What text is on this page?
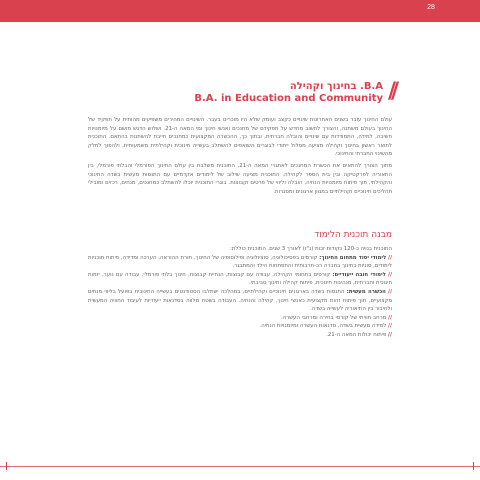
28
//
B.A. בחינוך וקהילה
B.A. in Education and Community
עולם החינוך עובר בשנים האחרונות שינויים כקצב ועומק שלא היו מוכרים בעבר. השינויים המהירים משפיעים מהותית על תפקיד של החינוך בעולם משתנה, והצורך לחשוב מחדש על תפקידם של מחנכים ואנשי חינוך ומי המאה ה-21. ושלוש הדגש מושם על מיומנויות חשיבה, למידה, התמודדות עם שינויים והובלה חברתית, ובתוך כך, ההכשרה המקצועית כמחנכים חייבת להשתנות בהתאם. התוכנית לתואר ראשון בחינוך וקהילה מציעה מסלול ייחודי לבוגרים השואפים להשתלב בעשייה חינוכית וקהילתית משמעותית, ולהפוך לחלק מהשינוי החברתי והחינוכי.
מתוך הצורך להתאים את הכשרת המחנכים לאתגרי המאה ה-21, התוכנית משלבת בין עולם החינוך הפורמלי והבלתי פורמלי, בין התאוריה לפרקטיקה ובין בית הספר לקהילה. התוכנית מציעה שילוב של לימודים אקדמיים עם התנסות מעשית בשדה החינוכי והקהילתי, תוך פיתוח מיומנויות הנחיה, הובלה וליווי של פרטים וקבוצות. בוגרי התוכנית יוכלו להשתלב כמחנכים, מנחים, רכזים ומובילי תהליכים חינוכיים וקהילתיים במגוון ארגונים ומסגרות.
מבנה תוכנית הלימוד
התוכנית בנויה כ-120 נקודות זכות (נ"ז) לאורך 3 שנים. התוכנית כוללת:
// לימודי יסוד מתחום החינוך: קורסים בפסיכולוגיה, סוציולוגיה ופילוסופיה של החינוך, תורת ההוראה, הערכה ומדידה, פיתוח תוכניות לימודים, סוגיות בחינוך בחברה רב-תרבותית והתפתחות הילד והמתבגר.
// לימודי חובה ייעודיים: קורסים בתחומי הקהילה, עבודה עם קבוצות, הנחיית קבוצות, חינוך בלתי פורמלי, עבודה עם נוער, יזמות חינוכית וחברתית, מנהיגות חינוכית, פיתוח קהילה וחינוך סביבתי.
// הכשרה מעשית: התנסות בשדה בארגונים חינוכיים וקהילתיים, במהלכה ישתלבו הסטודנטים בעשייה החינוכית בפועל בליווי מנחים מקצועיים, תוך פיתוח זהות מקצועית כאנשי חינוך, קהילה והנחיה. העבודה בשטח מלווה בסדנאות ייעודיות לעיבוד החוויה המעשית ולחיבור בין התיאוריה לעשייה בשדה.
// מרחב חוויתי של קורסי בחירה ומרחבי העשרה.
// למידה מעשית בשדה, סדנאות העשרה ומיומנויות הנחיה.
// פיתוח יכולות המאה ה-21.
